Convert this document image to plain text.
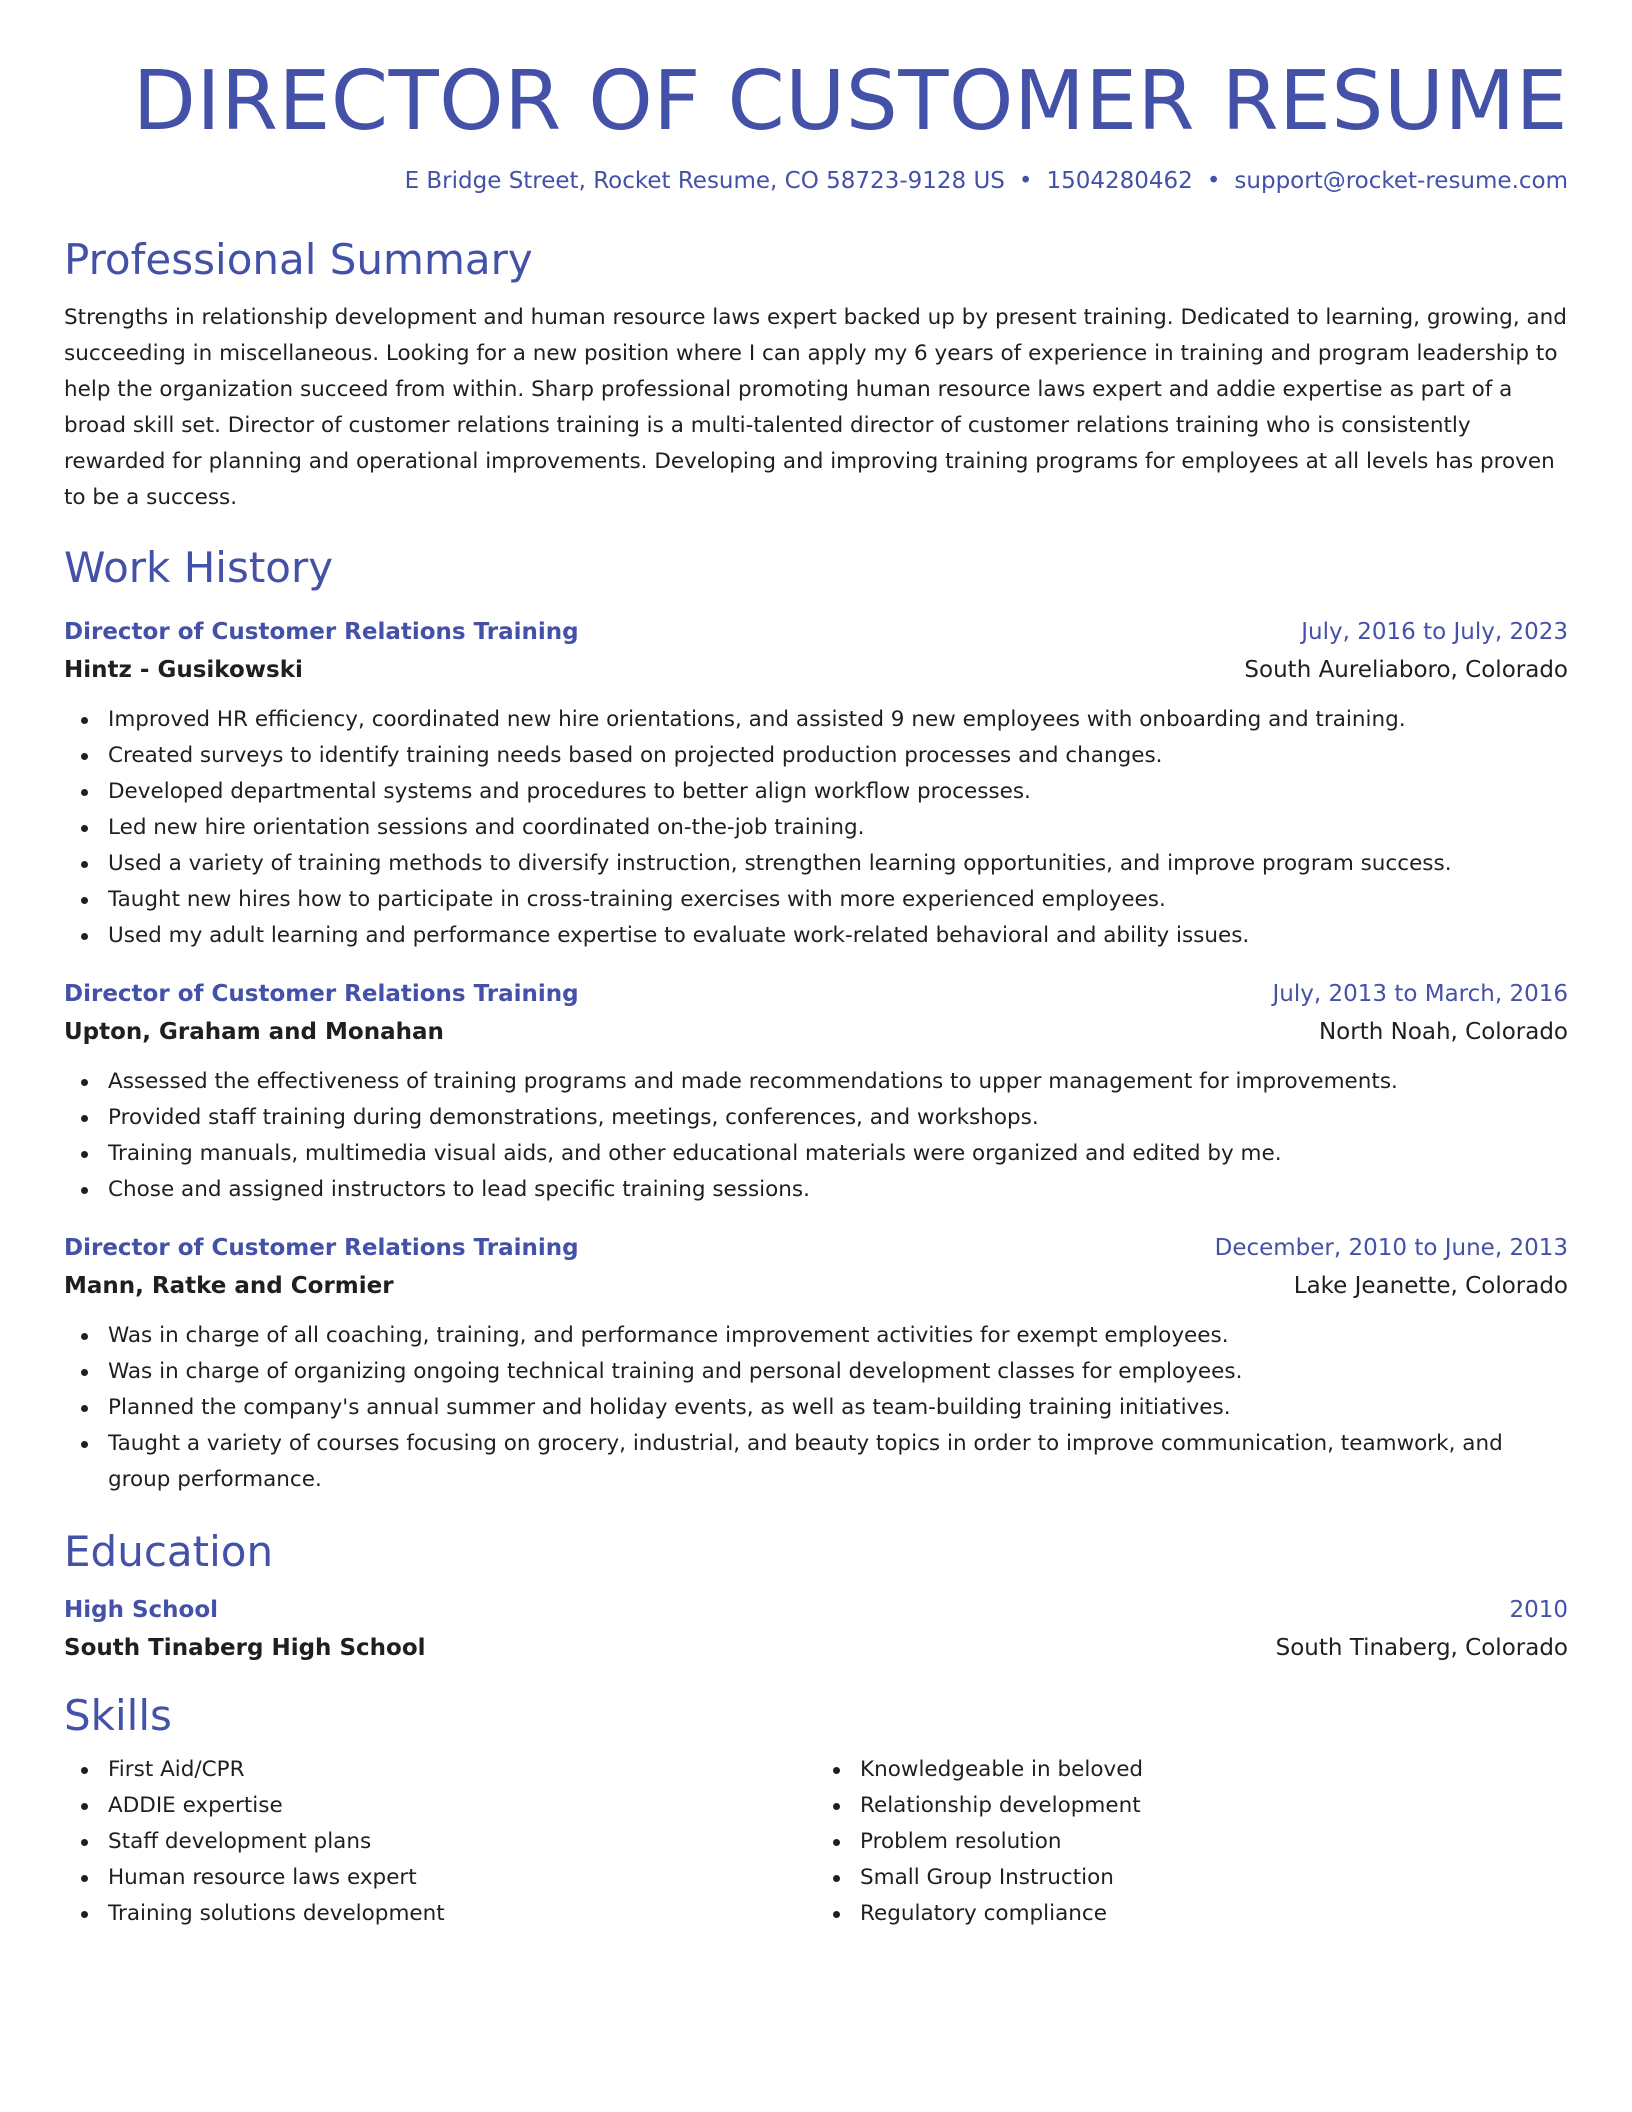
DIRECTOR OF CUSTOMER RESUME
E Bridge Street, Rocket Resume, CO 58723-9128 US • 1504280462 • support@rocket-resume.com
Professional Summary
Strengths in relationship development and human resource laws expert backed up by present training. Dedicated to learning, growing, and succeeding in miscellaneous. Looking for a new position where I can apply my 6 years of experience in training and program leadership to help the organization succeed from within. Sharp professional promoting human resource laws expert and addie expertise as part of a broad skill set. Director of customer relations training is a multi-talented director of customer relations training who is consistently rewarded for planning and operational improvements. Developing and improving training programs for employees at all levels has proven to be a success.
Work History
Director of Customer Relations Training	July, 2016 to July, 2023
Hintz - Gusikowski	South Aureliaboro, Colorado
Improved HR efficiency, coordinated new hire orientations, and assisted 9 new employees with onboarding and training.
Created surveys to identify training needs based on projected production processes and changes.
Developed departmental systems and procedures to better align workflow processes.
Led new hire orientation sessions and coordinated on-the-job training.
Used a variety of training methods to diversify instruction, strengthen learning opportunities, and improve program success.
Taught new hires how to participate in cross-training exercises with more experienced employees.
Used my adult learning and performance expertise to evaluate work-related behavioral and ability issues.
Director of Customer Relations Training	July, 2013 to March, 2016
Upton, Graham and Monahan	North Noah, Colorado
Assessed the effectiveness of training programs and made recommendations to upper management for improvements.
Provided staff training during demonstrations, meetings, conferences, and workshops.
Training manuals, multimedia visual aids, and other educational materials were organized and edited by me.
Chose and assigned instructors to lead specific training sessions.
Director of Customer Relations Training	December, 2010 to June, 2013
Mann, Ratke and Cormier	Lake Jeanette, Colorado
Was in charge of all coaching, training, and performance improvement activities for exempt employees.
Was in charge of organizing ongoing technical training and personal development classes for employees.
Planned the company's annual summer and holiday events, as well as team-building training initiatives.
Taught a variety of courses focusing on grocery, industrial, and beauty topics in order to improve communication, teamwork, and group performance.
Education
High School	2010
South Tinaberg High School	South Tinaberg, Colorado
Skills
First Aid/CPR
ADDIE expertise
Staff development plans
Human resource laws expert
Training solutions development
Knowledgeable in beloved
Relationship development
Problem resolution
Small Group Instruction
Regulatory compliance
